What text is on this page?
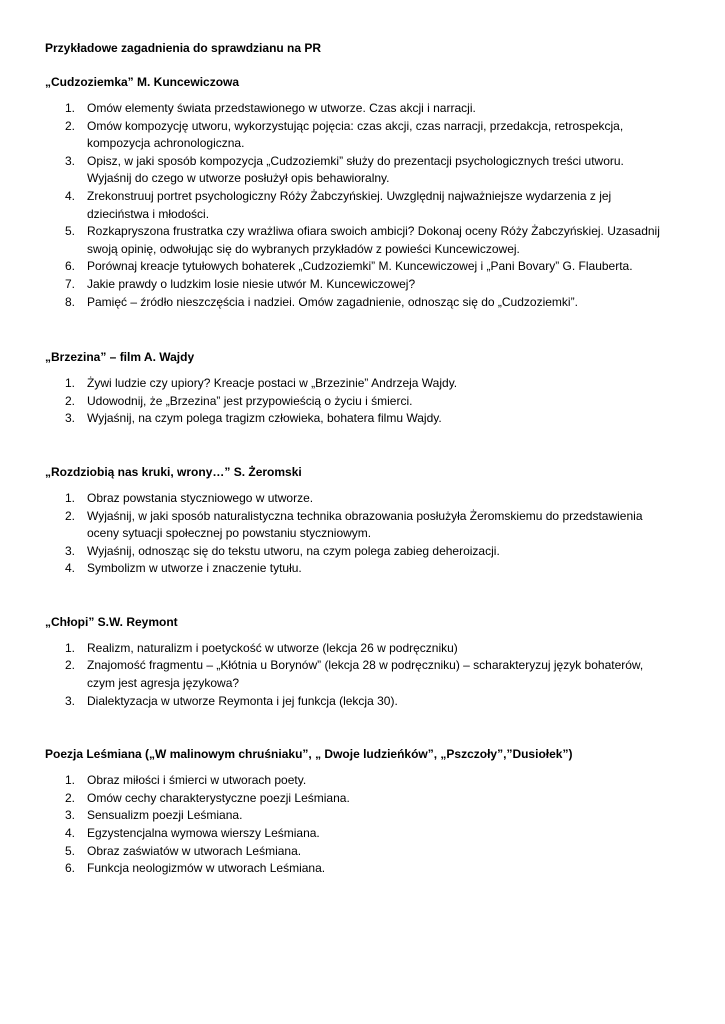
Przykładowe zagadnienia do sprawdzianu na PR
„Cudzoziemka” M. Kuncewiczowa
1. Omów elementy świata przedstawionego w utworze. Czas akcji i narracji.
2. Omów kompozycję utworu, wykorzystując pojęcia: czas akcji, czas narracji, przedakcja, retrospekcja,
kompozycja achronologiczna.
3. Opisz, w jaki sposób kompozycja „Cudzoziemki” służy do prezentacji psychologicznych treści utworu.
Wyjaśnij do czego w utworze posłużył opis behawioralny.
4. Zrekonstruuj portret psychologiczny Róży Żabczyńskiej. Uwzględnij najważniejsze wydarzenia z jej
dzieciństwa i młodości.
5. Rozkapryszona frustratka czy wrażliwa ofiara swoich ambicji? Dokonaj oceny Róży Żabczyńskiej. Uzasadnij
swoją opinię, odwołując się do wybranych przykładów z powieści Kuncewiczowej.
6. Porównaj kreacje tytułowych bohaterek „Cudzoziemki” M. Kuncewiczowej i „Pani Bovary” G. Flauberta.
7. Jakie prawdy o ludzkim losie niesie utwór M. Kuncewiczowej?
8. Pamięć – źródło nieszczęścia i nadziei. Omów zagadnienie, odnosząc się do „Cudzoziemki”.
„Brzezina” – film A. Wajdy
1. Żywi ludzie czy upiory? Kreacje postaci w „Brzezinie” Andrzeja Wajdy.
2. Udowodnij, że „Brzezina” jest przypowieścią o życiu i śmierci.
3. Wyjaśnij, na czym polega tragizm człowieka, bohatera filmu Wajdy.
„Rozdziobią nas kruki, wrony…” S. Żeromski
1. Obraz powstania styczniowego w utworze.
2. Wyjaśnij, w jaki sposób naturalistyczna technika obrazowania posłużyła Żeromskiemu do przedstawienia
oceny sytuacji społecznej po powstaniu styczniowym.
3. Wyjaśnij, odnosząc się do tekstu utworu, na czym polega zabieg deheroizacji.
4. Symbolizm w utworze i znaczenie tytułu.
„Chłopi” S.W. Reymont
1. Realizm, naturalizm i poetyckość w utworze (lekcja 26 w podręczniku)
2. Znajomość fragmentu – „Kłótnia u Borynów” (lekcja 28 w podręczniku) – scharakteryzuj język bohaterów,
czym jest agresja językowa?
3. Dialektyzacja w utworze Reymonta i jej funkcja (lekcja 30).
Poezja Leśmiana („W malinowym chruśniaku”, „ Dwoje ludzieńków”, „Pszczoły”,”Dusiołek”)
1. Obraz miłości i śmierci w utworach poety.
2. Omów cechy charakterystyczne poezji Leśmiana.
3. Sensualizm poezji Leśmiana.
4. Egzystencjalna wymowa wierszy Leśmiana.
5. Obraz zaświatów w utworach Leśmiana.
6. Funkcja neologizmów w utworach Leśmiana.
